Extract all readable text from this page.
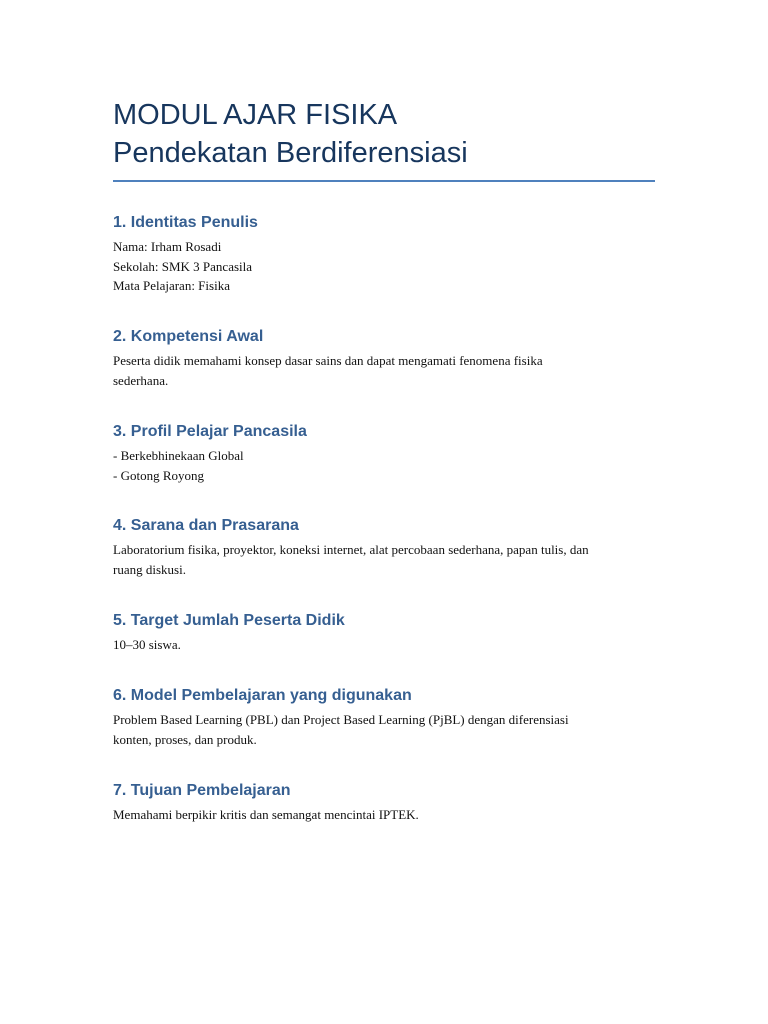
MODUL AJAR FISIKA
Pendekatan Berdiferensiasi
1. Identitas Penulis

Nama: Irham Rosadi
Sekolah: SMK 3 Pancasila
Mata Pelajaran: Fisika

2. Kompetensi Awal

Peserta didik memahami konsep dasar sains dan dapat mengamati fenomena fisika
sederhana.

3. Profil Pelajar Pancasila

- Berkebhinekaan Global
- Gotong Royong

4. Sarana dan Prasarana

Laboratorium fisika, proyektor, koneksi internet, alat percobaan sederhana, papan tulis, dan
ruang diskusi.

5. Target Jumlah Peserta Didik

10–30 siswa.

6. Model Pembelajaran yang digunakan

Problem Based Learning (PBL) dan Project Based Learning (PjBL) dengan diferensiasi
konten, proses, dan produk.

7. Tujuan Pembelajaran

Memahami berpikir kritis dan semangat mencintai IPTEK.
